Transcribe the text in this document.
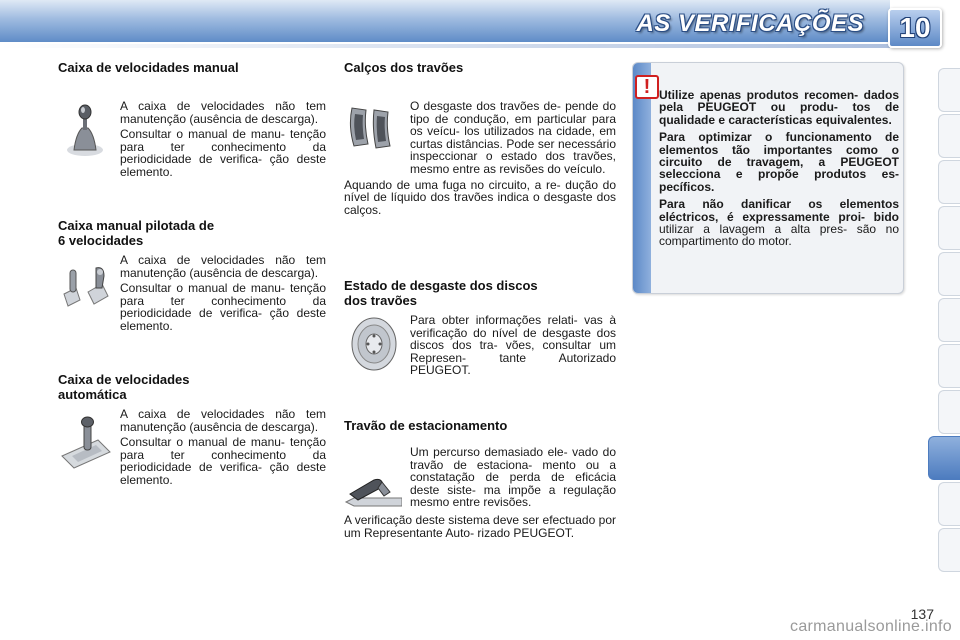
AS VERIFICAÇÕES 10
Caixa de velocidades manual
A caixa de velocidades não tem manutenção (ausência de descarga).
Consultar o manual de manu- tenção para ter conhecimento da periodicidade de verifica- ção deste elemento.
Caixa manual pilotada de
6 velocidades
A caixa de velocidades não tem manutenção (ausência de descarga).
Consultar o manual de manu- tenção para ter conhecimento da periodicidade de verifica- ção deste elemento.
Caixa de velocidades
automática
A caixa de velocidades não tem manutenção (ausência de descarga).
Consultar o manual de manu- tenção para ter conhecimento da periodicidade de verifica- ção deste elemento.
Calços dos travões
O desgaste dos travões de- pende do tipo de condução, em particular para os veícu- los utilizados na cidade, em curtas distâncias. Pode ser necessário inspeccionar o estado dos travões, mesmo entre as revisões do veículo.
Aquando de uma fuga no circuito, a re- dução do nível de líquido dos travões indica o desgaste dos calços.
Estado de desgaste dos discos
dos travões
Para obter informações relati- vas à verificação do nível de desgaste dos discos dos tra- vões, consultar um Represen- tante Autorizado PEUGEOT.
Travão de estacionamento
Um percurso demasiado ele- vado do travão de estaciona- mento ou a constatação de perda de eficácia deste siste- ma impõe a regulação mesmo entre revisões.
A verificação deste sistema deve ser efectuado por um Representante Auto- rizado PEUGEOT.
! Utilize apenas produtos recomen- dados pela PEUGEOT ou produ- tos de qualidade e características equivalentes.
Para optimizar o funcionamento de elementos tão importantes como o circuito de travagem, a PEUGEOT selecciona e propõe produtos es- pecíficos.
Para não danificar os elementos eléctricos, é expressamente proi- bido utilizar a lavagem a alta pres- são no compartimento do motor.
137
carmanualsonline.info
